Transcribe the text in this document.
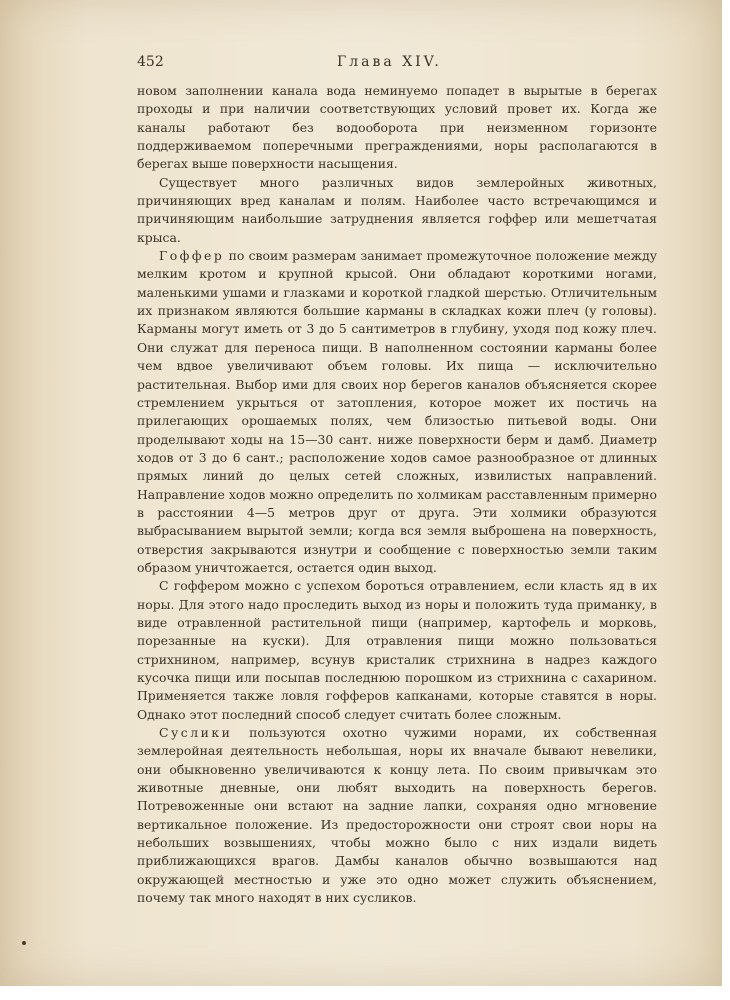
452	Глава XIV.

новом заполнении канала вода неминуемо попадет в вырытые в берегах проходы и при наличии соответствующих условий провет их. Когда же каналы работают без водооборота при неизменном горизонте поддерживаемом поперечными преграждениями, норы располагаются в берегах выше поверхности насыщения.

Существует много различных видов землеройных животных, причиняющих вред каналам и полям. Наиболее часто встречающимся и причиняющим наибольшие затруднения является гоффер или мешетчатая крыса.

Гоффер по своим размерам занимает промежуточное положение между мелким кротом и крупной крысой. Они обладают короткими ногами, маленькими ушами и глазками и короткой гладкой шерстью. Отличительным их признаком являются большие карманы в складках кожи плеч (у головы). Карманы могут иметь от 3 до 5 сантиметров в глубину, уходя под кожу плеч. Они служат для переноса пищи. В наполненном состоянии карманы более чем вдвое увеличивают объем головы. Их пища — исключительно растительная. Выбор ими для своих нор берегов каналов объясняется скорее стремлением укрыться от затопления, которое может их постичь на прилегающих орошаемых полях, чем близостью питьевой воды. Они проделывают ходы на 15—30 сант. ниже поверхности берм и дамб. Диаметр ходов от 3 до 6 сант.; расположение ходов самое разнообразное от длинных прямых линий до целых сетей сложных, извилистых направлений. Направление ходов можно определить по холмикам расставленным примерно в расстоянии 4—5 метров друг от друга. Эти холмики образуются выбрасыванием вырытой земли; когда вся земля выброшена на поверхность, отверстия закрываются изнутри и сообщение с поверхностью земли таким образом уничтожается, остается один выход.

С гоффером можно с успехом бороться отравлением, если класть яд в их норы. Для этого надо проследить выход из норы и положить туда приманку, в виде отравленной растительной пищи (например, картофель и морковь, порезанные на куски). Для отравления пищи можно пользоваться стрихнином, например, всунув кристалик стрихнина в надрез каждого кусочка пищи или посыпав последнюю порошком из стрихнина с сахарином. Применяется также ловля гофферов капканами, которые ставятся в норы. Однако этот последний способ следует считать более сложным.

Суслики пользуются охотно чужими норами, их собственная землеройная деятельность небольшая, норы их вначале бывают невелики, они обыкновенно увеличиваются к концу лета. По своим привычкам это животные дневные, они любят выходить на поверхность берегов. Потревоженные они встают на задние лапки, сохраняя одно мгновение вертикальное положение. Из предосторожности они строят свои норы на небольших возвышениях, чтобы можно было с них издали видеть приближающихся врагов. Дамбы каналов обычно возвышаются над окружающей местностью и уже это одно может служить объяснением, почему так много находят в них сусликов.
